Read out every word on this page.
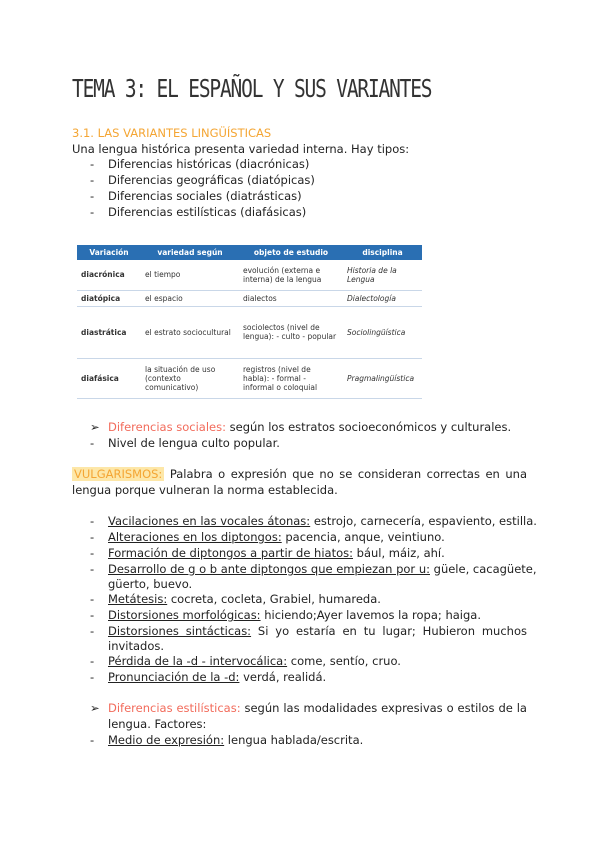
TEMA 3: EL ESPAÑOL Y SUS VARIANTES
3.1. LAS VARIANTES LINGÜÍSTICAS
Una lengua histórica presenta variedad interna. Hay tipos:
- Diferencias históricas (diacrónicas)
- Diferencias geográficas (diatópicas)
- Diferencias sociales (diatrásticas)
- Diferencias estilísticas (diafásicas)
Variación	variedad según	objeto de estudio	disciplina
diacrónica	el tiempo	evolución (externa e interna) de la lengua	Historia de la Lengua
diatópica	el espacio	dialectos	Dialectología
diastrática	el estrato sociocultural	sociolectos (nivel de lengua): - culto - popular	Sociolingüística
diafásica	la situación de uso (contexto comunicativo)	registros (nivel de habla): - formal - informal o coloquial	Pragmalingüística
➢ Diferencias sociales: según los estratos socioeconómicos y culturales.
- Nivel de lengua culto popular.
VULGARISMOS: Palabra o expresión que no se consideran correctas en una
lengua porque vulneran la norma establecida.
- Vacilaciones en las vocales átonas: estrojo, carnecería, espaviento, estilla.
- Alteraciones en los diptongos: pacencia, anque, veintiuno.
- Formación de diptongos a partir de hiatos: bául, máiz, ahí.
- Desarrollo de g o b ante diptongos que empiezan por u: güele, cacagüete,
güerto, buevo.
- Metátesis: cocreta, cocleta, Grabiel, humareda.
- Distorsiones morfológicas: hiciendo;Ayer lavemos la ropa; haiga.
- Distorsiones sintácticas: Si yo estaría en tu lugar; Hubieron muchos
invitados.
- Pérdida de la -d - intervocálica: come, sentío, cruo.
- Pronunciación de la -d: verdá, realidá.
➢ Diferencias estilísticas: según las modalidades expresivas o estilos de la
lengua. Factores:
- Medio de expresión: lengua hablada/escrita.
